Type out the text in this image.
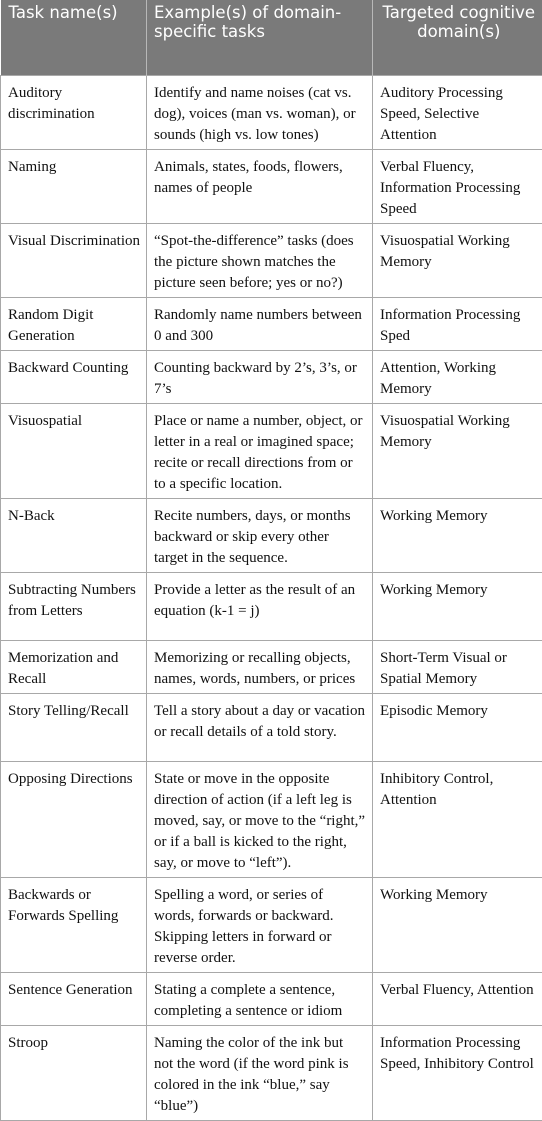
Task name(s)	Example(s) of domain-specific tasks	Targeted cognitive domain(s)
Auditory discrimination	Identify and name noises (cat vs. dog), voices (man vs. woman), or sounds (high vs. low tones)	Auditory Processing Speed, Selective Attention
Naming	Animals, states, foods, flowers, names of people	Verbal Fluency, Information Processing Speed
Visual Discrimination	“Spot-the-difference” tasks (does the picture shown matches the picture seen before; yes or no?)	Visuospatial Working Memory
Random Digit Generation	Randomly name numbers between 0 and 300	Information Processing Sped
Backward Counting	Counting backward by 2’s, 3’s, or 7’s	Attention, Working Memory
Visuospatial	Place or name a number, object, or letter in a real or imagined space; recite or recall directions from or to a specific location.	Visuospatial Working Memory
N-Back	Recite numbers, days, or months backward or skip every other target in the sequence.	Working Memory
Subtracting Numbers from Letters	Provide a letter as the result of an equation (k-1 = j)	Working Memory
Memorization and Recall	Memorizing or recalling objects, names, words, numbers, or prices	Short-Term Visual or Spatial Memory
Story Telling/Recall	Tell a story about a day or vacation or recall details of a told story.	Episodic Memory
Opposing Directions	State or move in the opposite direction of action (if a left leg is moved, say, or move to the “right,” or if a ball is kicked to the right, say, or move to “left”).	Inhibitory Control, Attention
Backwards or Forwards Spelling	Spelling a word, or series of words, forwards or backward. Skipping letters in forward or reverse order.	Working Memory
Sentence Generation	Stating a complete a sentence, completing a sentence or idiom	Verbal Fluency, Attention
Stroop	Naming the color of the ink but not the word (if the word pink is colored in the ink “blue,” say “blue”)	Information Processing Speed, Inhibitory Control
